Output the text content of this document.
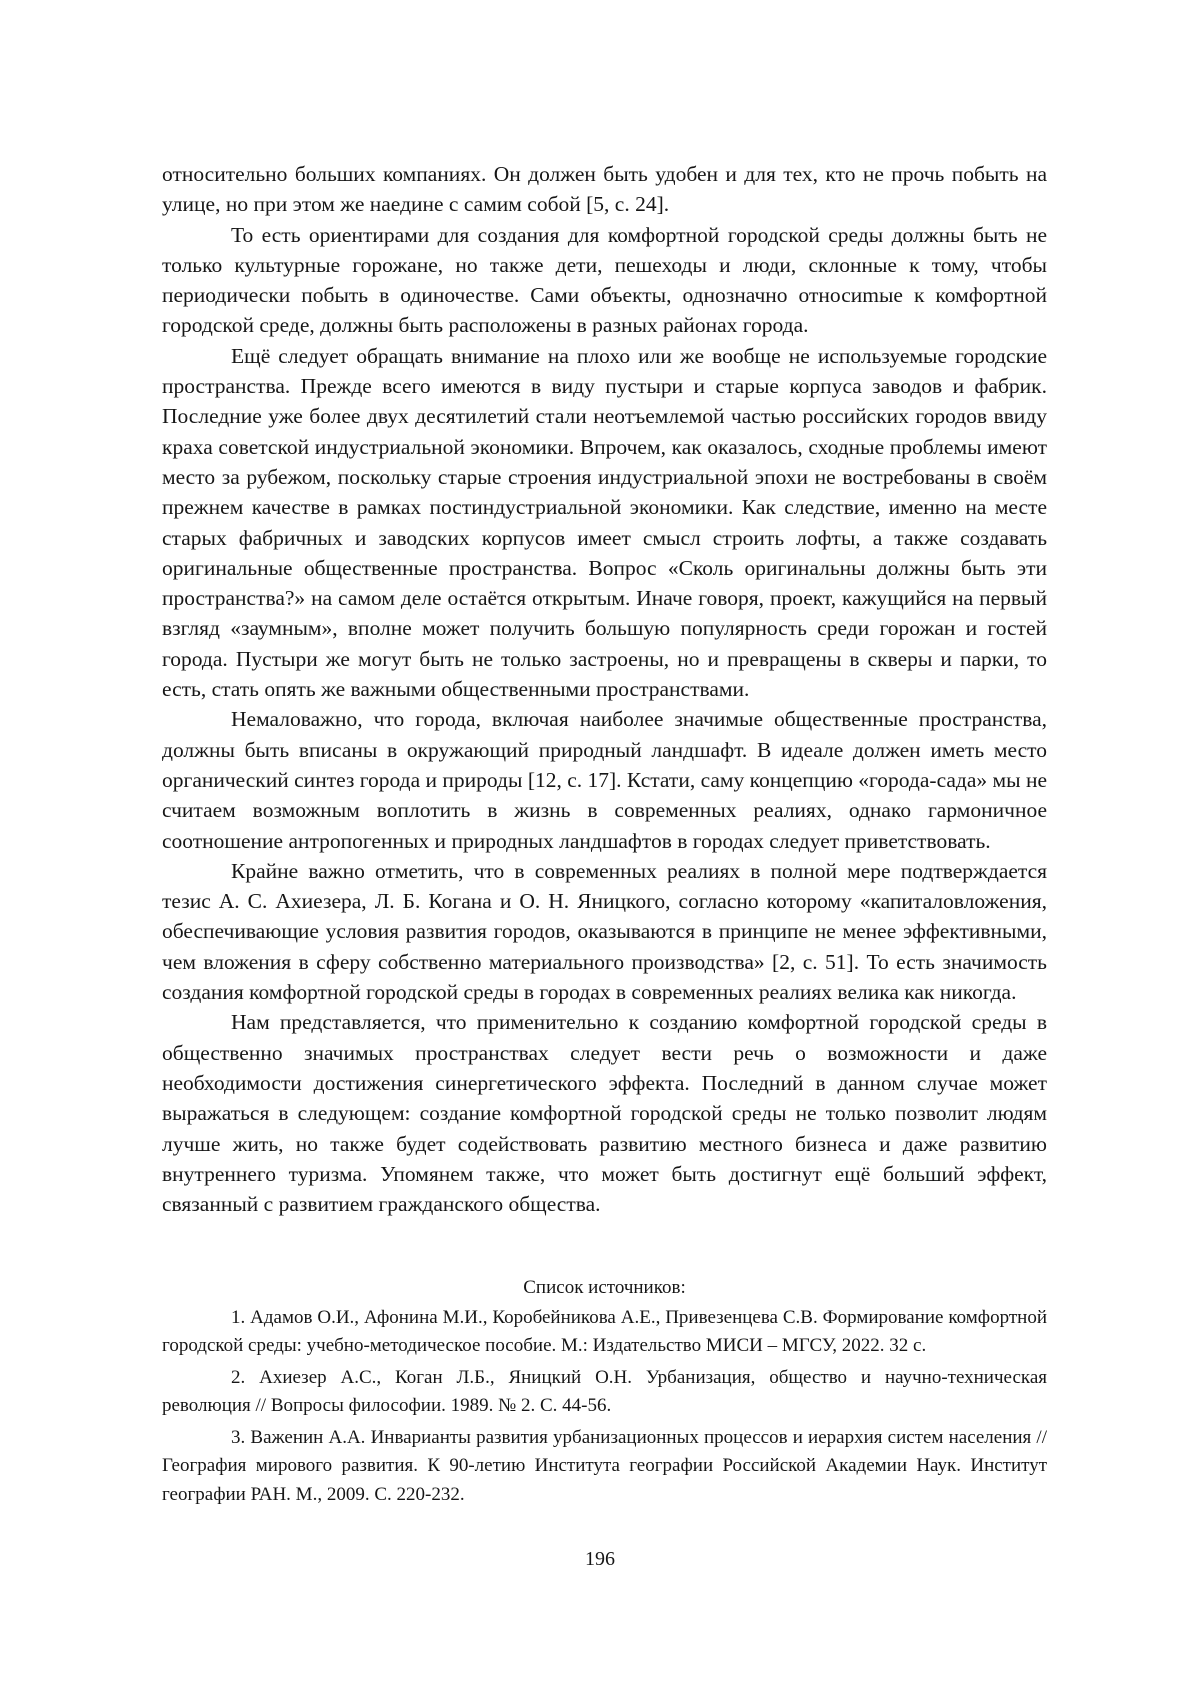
относительно больших компаниях. Он должен быть удобен и для тех, кто не прочь побыть на улице, но при этом же наедине с самим собой [5, с. 24].

То есть ориентирами для создания для комфортной городской среды должны быть не только культурные горожане, но также дети, пешеходы и люди, склонные к тому, чтобы периодически побыть в одиночестве. Сами объекты, однозначно относиmые к комфортной городской среде, должны быть расположены в разных районах города.

Ещё следует обращать внимание на плохо или же вообще не используемые городские пространства. Прежде всего имеются в виду пустыри и старые корпуса заводов и фабрик. Последние уже более двух десятилетий стали неотъемлемой частью российских городов ввиду краха советской индустриальной экономики. Впрочем, как оказалось, сходные проблемы имеют место за рубежом, поскольку старые строения индустриальной эпохи не востребованы в своём прежнем качестве в рамках постиндустриальной экономики. Как следствие, именно на месте старых фабричных и заводских корпусов имеет смысл строить лофты, а также создавать оригинальные общественные пространства. Вопрос «Сколь оригинальны должны быть эти пространства?» на самом деле остаётся открытым. Иначе говоря, проект, кажущийся на первый взгляд «заумным», вполне может получить большую популярность среди горожан и гостей города. Пустыри же могут быть не только застроены, но и превращены в скверы и парки, то есть, стать опять же важными общественными пространствами.

Немаловажно, что города, включая наиболее значимые общественные пространства, должны быть вписаны в окружающий природный ландшафт. В идеале должен иметь место органический синтез города и природы [12, с. 17]. Кстати, саму концепцию «города-сада» мы не считаем возможным воплотить в жизнь в современных реалиях, однако гармоничное соотношение антропогенных и природных ландшафтов в городах следует приветствовать.

Крайне важно отметить, что в современных реалиях в полной мере подтверждается тезис А. С. Ахиезера, Л. Б. Когана и О. Н. Яницкого, согласно которому «капиталовложения, обеспечивающие условия развития городов, оказываются в принципе не менее эффективными, чем вложения в сферу собственно материального производства» [2, с. 51]. То есть значимость создания комфортной городской среды в городах в современных реалиях велика как никогда.

Нам представляется, что применительно к созданию комфортной городской среды в общественно значимых пространствах следует вести речь о возможности и даже необходимости достижения синергетического эффекта. Последний в данном случае может выражаться в следующем: создание комфортной городской среды не только позволит людям лучше жить, но также будет содействовать развитию местного бизнеса и даже развитию внутреннего туризма. Упомянем также, что может быть достигнут ещё больший эффект, связанный с развитием гражданского общества.

Список источников:

1. Адамов О.И., Афонина М.И., Коробейникова А.Е., Привезенцева С.В. Формирование комфортной городской среды: учебно-методическое пособие. М.: Издательство МИСИ – МГСУ, 2022. 32 с.

2. Ахиезер А.С., Коган Л.Б., Яницкий О.Н. Урбанизация, общество и научно-техническая революция // Вопросы философии. 1989. № 2. С. 44-56.

3. Важенин А.А. Инварианты развития урбанизационных процессов и иерархия систем населения // География мирового развития. К 90-летию Института географии Российской Академии Наук. Институт географии РАН. М., 2009. С. 220-232.

196
